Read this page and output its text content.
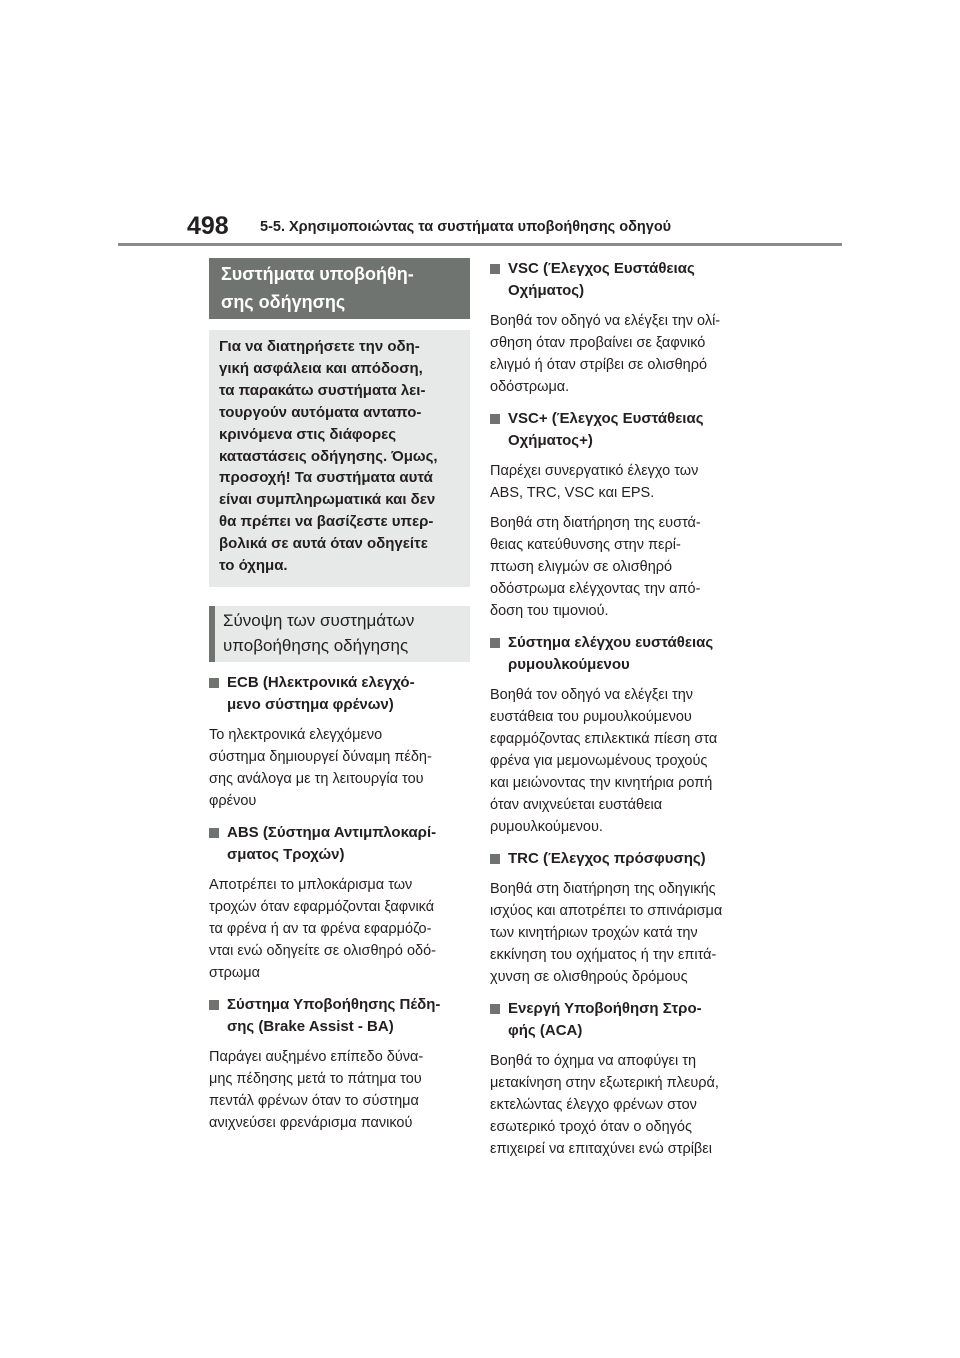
498 5-5. Χρησιμοποιώντας τα συστήματα υποβοήθησης οδηγού
Συστήματα υποβοήθη-
σης οδήγησης
Για να διατηρήσετε την οδη-
γική ασφάλεια και απόδοση,
τα παρακάτω συστήματα λει-
τουργούν αυτόματα ανταπο-
κρινόμενα στις διάφορες
καταστάσεις οδήγησης. Όμως,
προσοχή! Τα συστήματα αυτά
είναι συμπληρωματικά και δεν
θα πρέπει να βασίζεστε υπερ-
βολικά σε αυτά όταν οδηγείτε
το όχημα.
Σύνοψη των συστημάτων
υποβοήθησης οδήγησης
ECB (Ηλεκτρονικά ελεγχό-
μενο σύστημα φρένων)
Το ηλεκτρονικά ελεγχόμενο
σύστημα δημιουργεί δύναμη πέδη-
σης ανάλογα με τη λειτουργία του
φρένου
ABS (Σύστημα Αντιμπλοκαρί-
σματος Τροχών)
Αποτρέπει το μπλοκάρισμα των
τροχών όταν εφαρμόζονται ξαφνικά
τα φρένα ή αν τα φρένα εφαρμόζο-
νται ενώ οδηγείτε σε ολισθηρό οδό-
στρωμα
Σύστημα Υποβοήθησης Πέδη-
σης (Brake Assist - BA)
Παράγει αυξημένο επίπεδο δύνα-
μης πέδησης μετά το πάτημα του
πεντάλ φρένων όταν το σύστημα
ανιχνεύσει φρενάρισμα πανικού
VSC (Έλεγχος Ευστάθειας
Οχήματος)
Βοηθά τον οδηγό να ελέγξει την ολί-
σθηση όταν προβαίνει σε ξαφνικό
ελιγμό ή όταν στρίβει σε ολισθηρό
οδόστρωμα.
VSC+ (Έλεγχος Ευστάθειας
Οχήματος+)
Παρέχει συνεργατικό έλεγχο των
ABS, TRC, VSC και EPS.
Βοηθά στη διατήρηση της ευστά-
θειας κατεύθυνσης στην περί-
πτωση ελιγμών σε ολισθηρό
οδόστρωμα ελέγχοντας την από-
δοση του τιμονιού.
Σύστημα ελέγχου ευστάθειας
ρυμουλκούμενου
Βοηθά τον οδηγό να ελέγξει την
ευστάθεια του ρυμουλκούμενου
εφαρμόζοντας επιλεκτικά πίεση στα
φρένα για μεμονωμένους τροχούς
και μειώνοντας την κινητήρια ροπή
όταν ανιχνεύεται ευστάθεια
ρυμουλκούμενου.
TRC (Έλεγχος πρόσφυσης)
Βοηθά στη διατήρηση της οδηγικής
ισχύος και αποτρέπει το σπινάρισμα
των κινητήριων τροχών κατά την
εκκίνηση του οχήματος ή την επιτά-
χυνση σε ολισθηρούς δρόμους
Ενεργή Υποβοήθηση Στρο-
φής (ACA)
Βοηθά το όχημα να αποφύγει τη
μετακίνηση στην εξωτερική πλευρά,
εκτελώντας έλεγχο φρένων στον
εσωτερικό τροχό όταν ο οδηγός
επιχειρεί να επιταχύνει ενώ στρίβει
